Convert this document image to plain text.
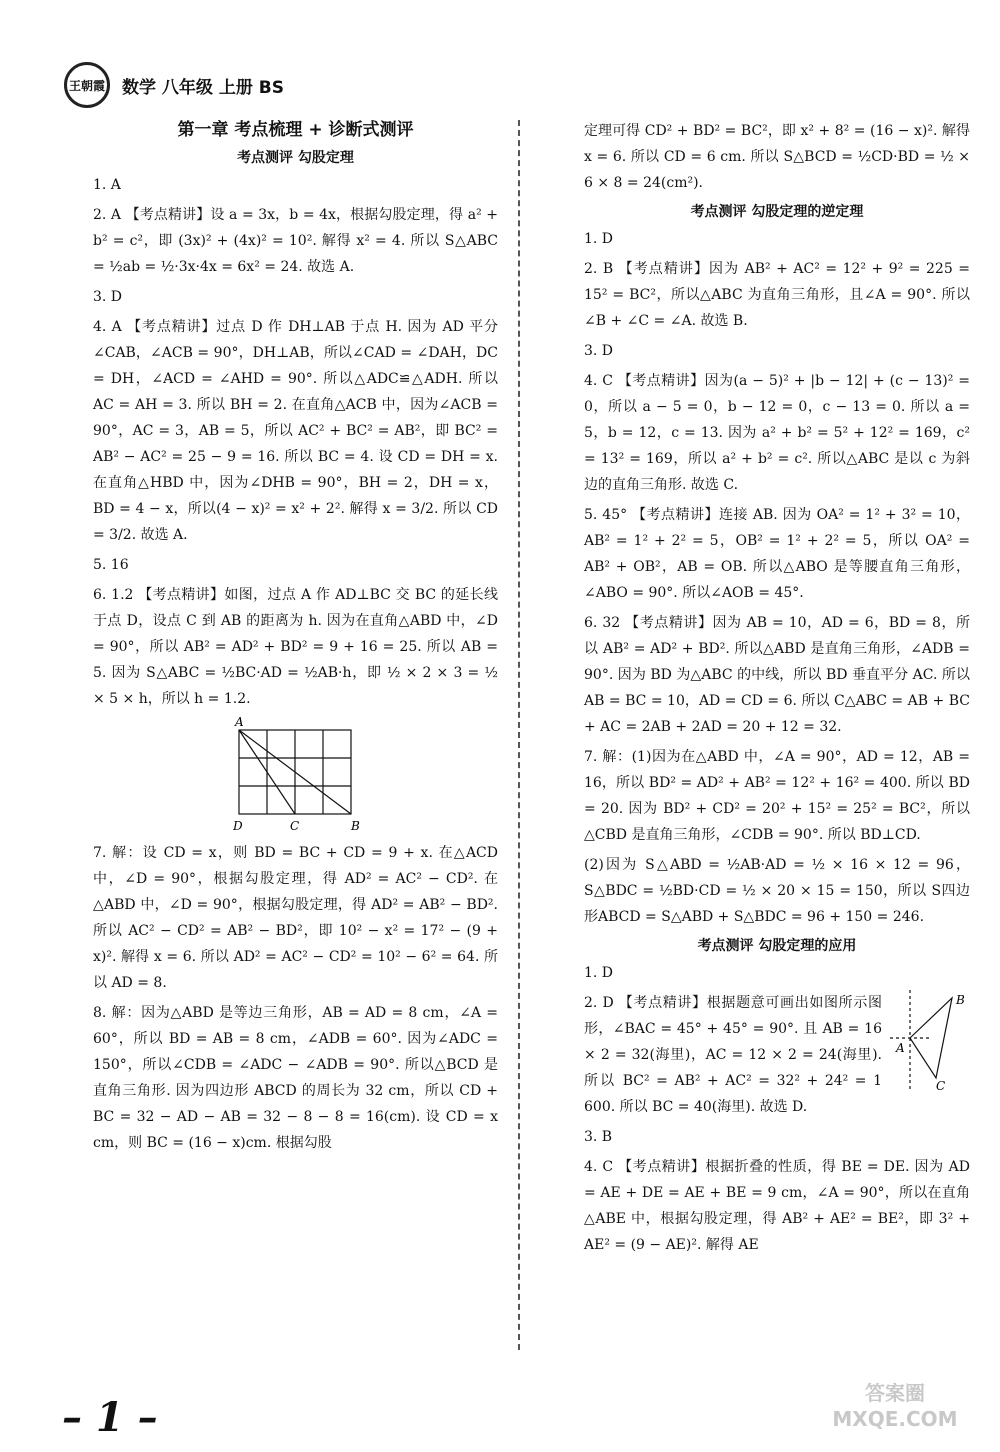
王朝霞 数学 八年级 上册 BS
第一章 考点梳理 + 诊断式测评
考点测评 勾股定理

1. A

2. A 【考点精讲】设 a = 3x，b = 4x，根据勾股定理，得 a² + b² = c²，即 (3x)² + (4x)² = 10². 解得 x² = 4. 所以 S△ABC = ½ab = ½·3x·4x = 6x² = 24. 故选 A.

3. D

4. A 【考点精讲】过点 D 作 DH⊥AB 于点 H. 因为 AD 平分∠CAB，∠ACB = 90°，DH⊥AB，所以∠CAD = ∠DAH，DC = DH，∠ACD = ∠AHD = 90°. 所以△ADC≌△ADH. 所以 AC = AH = 3. 所以 BH = 2. 在直角△ACB 中，因为∠ACB = 90°，AC = 3，AB = 5，所以 AC² + BC² = AB²，即 BC² = AB² − AC² = 25 − 9 = 16. 所以 BC = 4. 设 CD = DH = x. 在直角△HBD 中，因为∠DHB = 90°，BH = 2，DH = x，BD = 4 − x，所以(4 − x)² = x² + 2². 解得 x = 3/2. 所以 CD = 3/2. 故选 A.

5. 16

6. 1.2 【考点精讲】如图，过点 A 作 AD⊥BC 交 BC 的延长线于点 D，设点 C 到 AB 的距离为 h. 因为在直角△ABD 中，∠D = 90°，所以 AB² = AD² + BD² = 9 + 16 = 25. 所以 AB = 5. 因为 S△ABC = ½BC·AD = ½AB·h，即 ½ × 2 × 3 = ½ × 5 × h，所以 h = 1.2.

A
D	C	B

7. 解：设 CD = x，则 BD = BC + CD = 9 + x. 在△ACD 中，∠D = 90°，根据勾股定理，得 AD² = AC² − CD². 在△ABD 中，∠D = 90°，根据勾股定理，得 AD² = AB² − BD². 所以 AC² − CD² = AB² − BD²，即 10² − x² = 17² − (9 + x)². 解得 x = 6. 所以 AD² = AC² − CD² = 10² − 6² = 64. 所以 AD = 8.

8. 解：因为△ABD 是等边三角形，AB = AD = 8 cm，∠A = 60°，所以 BD = AB = 8 cm，∠ADB = 60°. 因为∠ADC = 150°，所以∠CDB = ∠ADC − ∠ADB = 90°. 所以△BCD 是直角三角形. 因为四边形 ABCD 的周长为 32 cm，所以 CD + BC = 32 − AD − AB = 32 − 8 − 8 = 16(cm). 设 CD = x cm，则 BC = (16 − x)cm. 根据勾股

定理可得 CD² + BD² = BC²，即 x² + 8² = (16 − x)². 解得 x = 6. 所以 CD = 6 cm. 所以 S△BCD = ½CD·BD = ½ × 6 × 8 = 24(cm²).

考点测评 勾股定理的逆定理

1. D

2. B 【考点精讲】因为 AB² + AC² = 12² + 9² = 225 = 15² = BC²，所以△ABC 为直角三角形，且∠A = 90°. 所以∠B + ∠C = ∠A. 故选 B.

3. D

4. C 【考点精讲】因为(a − 5)² + |b − 12| + (c − 13)² = 0，所以 a − 5 = 0，b − 12 = 0，c − 13 = 0. 所以 a = 5，b = 12，c = 13. 因为 a² + b² = 5² + 12² = 169，c² = 13² = 169，所以 a² + b² = c². 所以△ABC 是以 c 为斜边的直角三角形. 故选 C.

5. 45° 【考点精讲】连接 AB. 因为 OA² = 1² + 3² = 10，AB² = 1² + 2² = 5，OB² = 1² + 2² = 5，所以 OA² = AB² + OB²，AB = OB. 所以△ABO 是等腰直角三角形，∠ABO = 90°. 所以∠AOB = 45°.

6. 32 【考点精讲】因为 AB = 10，AD = 6，BD = 8，所以 AB² = AD² + BD². 所以△ABD 是直角三角形，∠ADB = 90°. 因为 BD 为△ABC 的中线，所以 BD 垂直平分 AC. 所以 AB = BC = 10，AD = CD = 6. 所以 C△ABC = AB + BC + AC = 2AB + 2AD = 20 + 12 = 32.

7. 解：(1)因为在△ABD 中，∠A = 90°，AD = 12，AB = 16，所以 BD² = AD² + AB² = 12² + 16² = 400. 所以 BD = 20. 因为 BD² + CD² = 20² + 15² = 25² = BC²，所以△CBD 是直角三角形，∠CDB = 90°. 所以 BD⊥CD.

(2)因为 S△ABD = ½AB·AD = ½ × 16 × 12 = 96，S△BDC = ½BD·CD = ½ × 20 × 15 = 150，所以 S四边形ABCD = S△ABD + S△BDC = 96 + 150 = 246.

考点测评 勾股定理的应用

1. D

A
B
C

2. D 【考点精讲】根据题意可画出如图所示图形，∠BAC = 45° + 45° = 90°. 且 AB = 16 × 2 = 32(海里)，AC = 12 × 2 = 24(海里). 所以 BC² = AB² + AC² = 32² + 24² = 1 600. 所以 BC = 40(海里). 故选 D.

3. B

4. C 【考点精讲】根据折叠的性质，得 BE = DE. 因为 AD = AE + DE = AE + BE = 9 cm，∠A = 90°，所以在直角△ABE 中，根据勾股定理，得 AB² + AE² = BE²，即 3² + AE² = (9 − AE)². 解得 AE

– 1 –
答案圈
MXQE.COM
